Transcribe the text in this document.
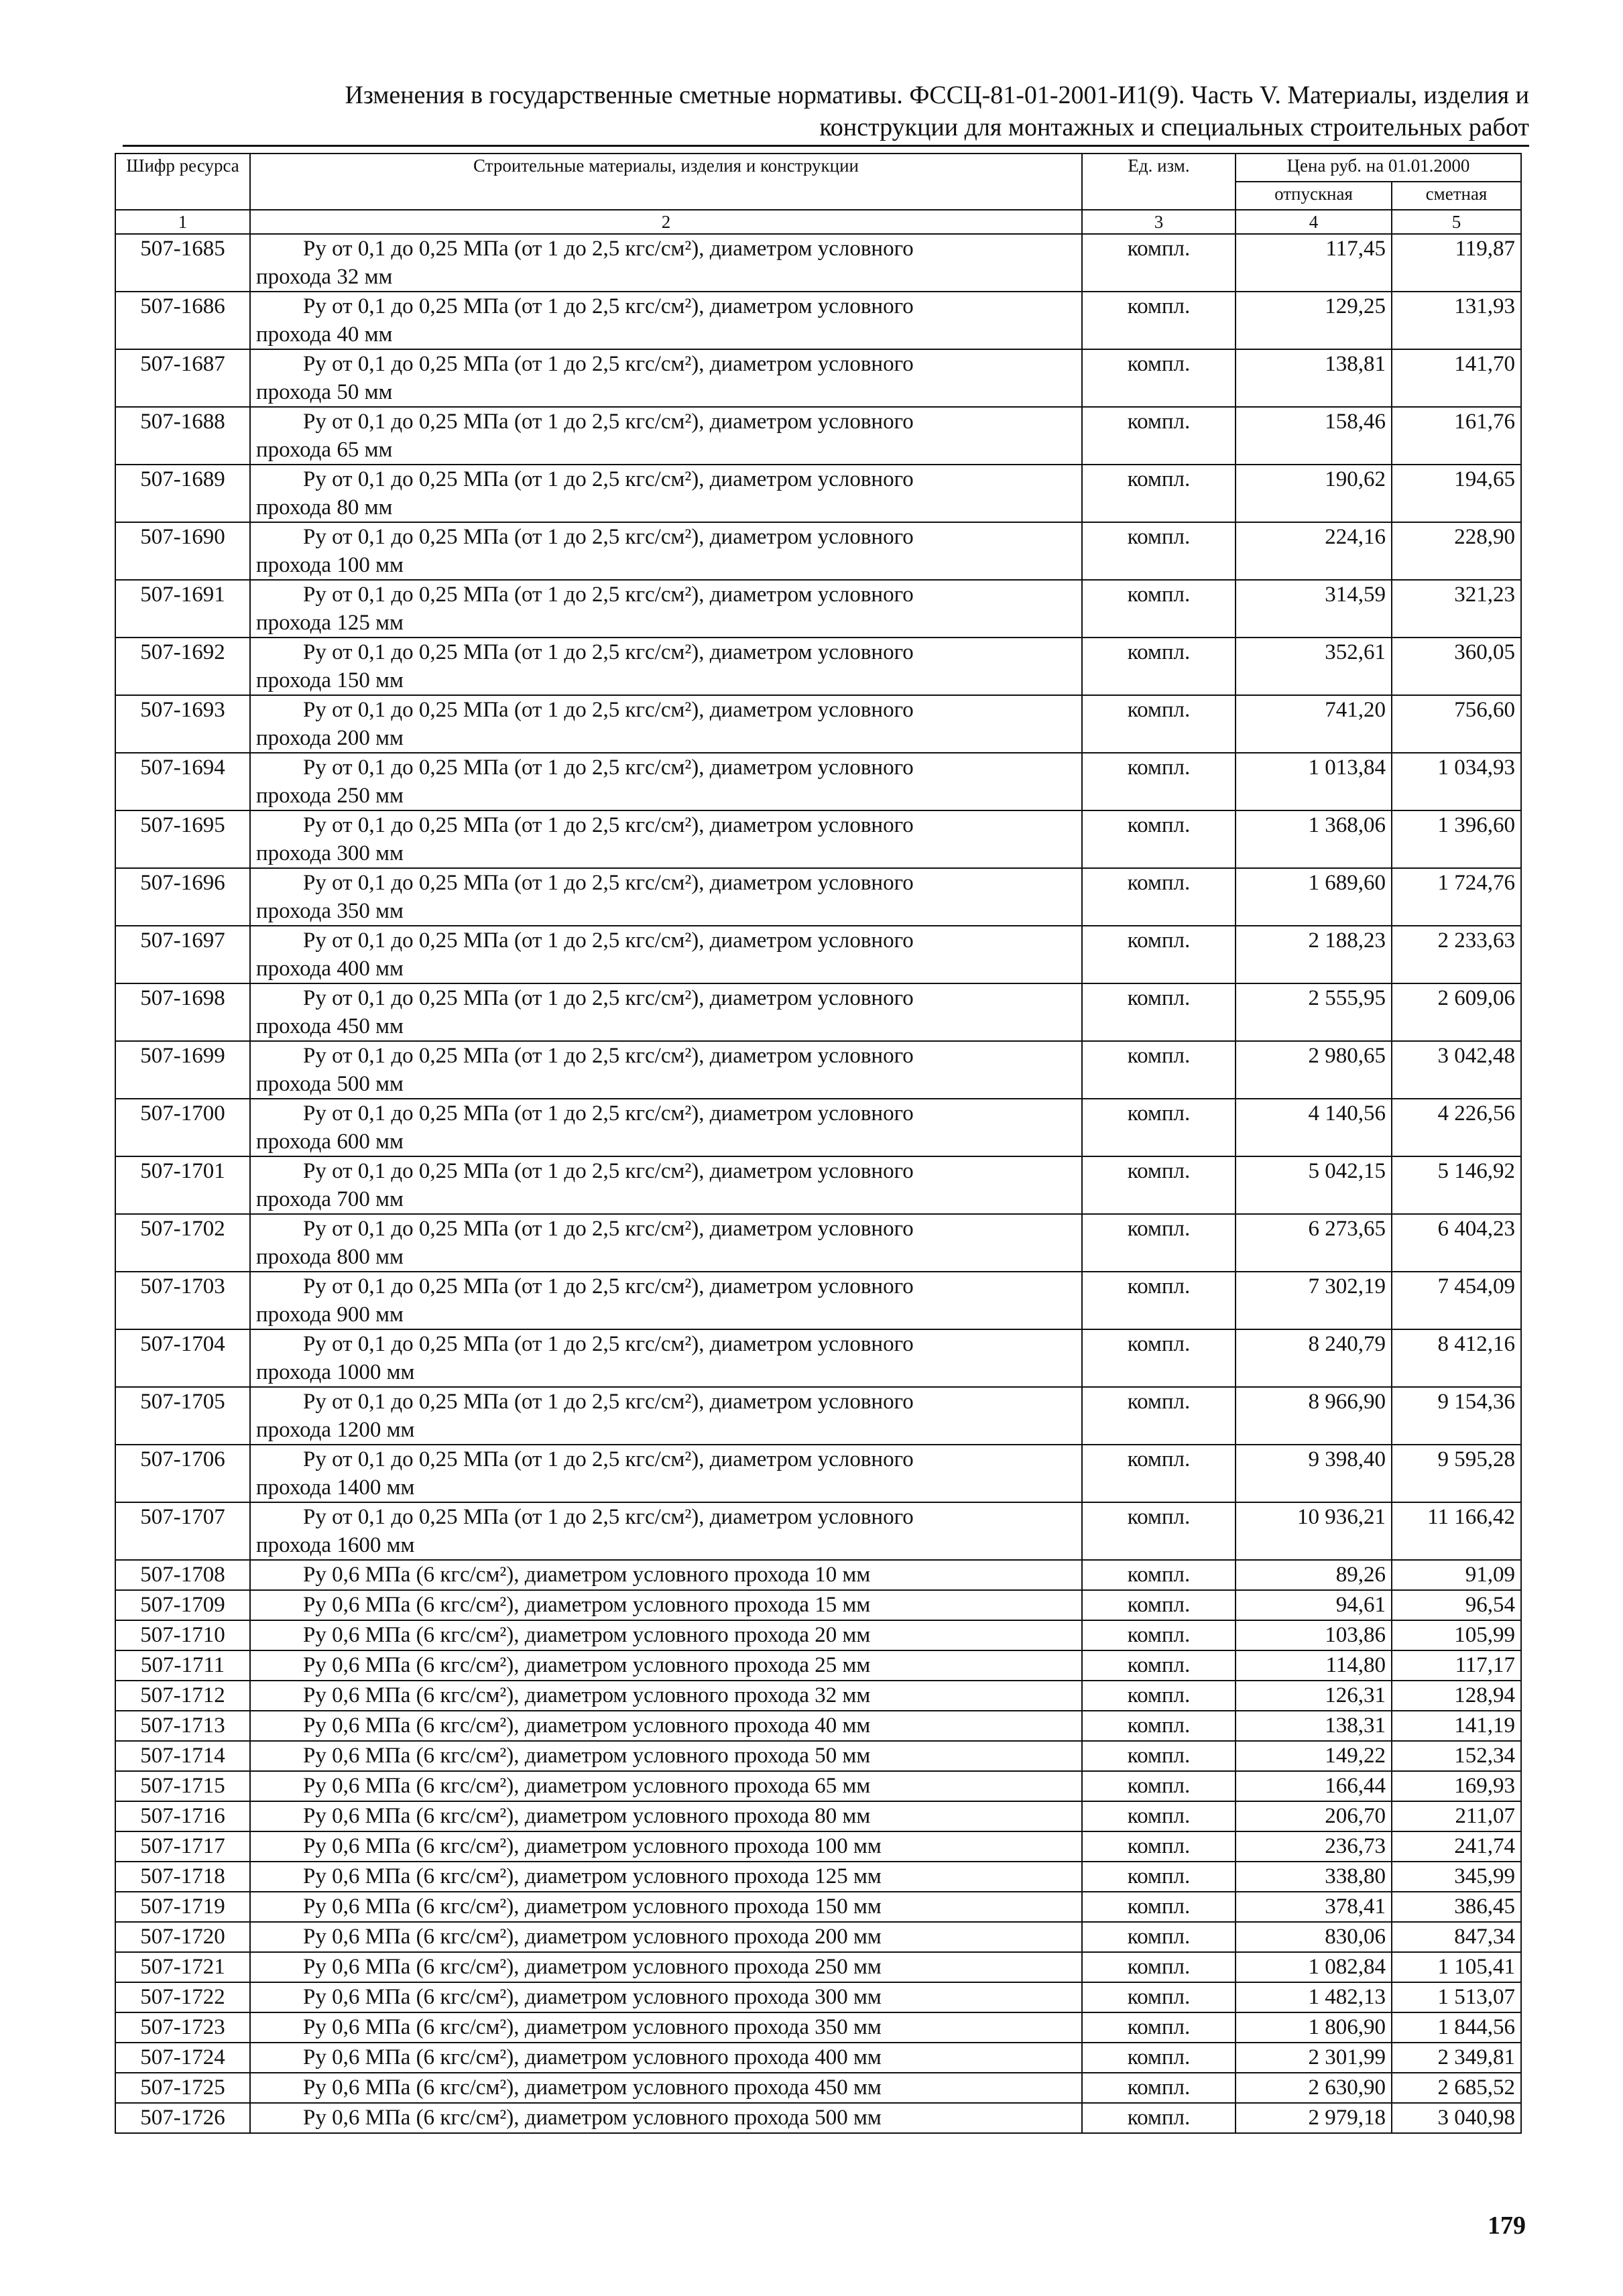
Изменения в государственные сметные нормативы. ФССЦ-81-01-2001-И1(9). Часть V. Материалы, изделия и
конструкции для монтажных и специальных строительных работ
Шифр ресурса	Строительные материалы, изделия и конструкции	Ед. изм.	Цена руб. на 01.01.2000	
			отпускная	сметная
1	2	3	4	5
507-1685	Ру от 0,1 до 0,25 МПа (от 1 до 2,5 кгс/см²), диаметром условного
прохода 32 мм	компл.	117,45	119,87
507-1686	Ру от 0,1 до 0,25 МПа (от 1 до 2,5 кгс/см²), диаметром условного
прохода 40 мм	компл.	129,25	131,93
507-1687	Ру от 0,1 до 0,25 МПа (от 1 до 2,5 кгс/см²), диаметром условного
прохода 50 мм	компл.	138,81	141,70
507-1688	Ру от 0,1 до 0,25 МПа (от 1 до 2,5 кгс/см²), диаметром условного
прохода 65 мм	компл.	158,46	161,76
507-1689	Ру от 0,1 до 0,25 МПа (от 1 до 2,5 кгс/см²), диаметром условного
прохода 80 мм	компл.	190,62	194,65
507-1690	Ру от 0,1 до 0,25 МПа (от 1 до 2,5 кгс/см²), диаметром условного
прохода 100 мм	компл.	224,16	228,90
507-1691	Ру от 0,1 до 0,25 МПа (от 1 до 2,5 кгс/см²), диаметром условного
прохода 125 мм	компл.	314,59	321,23
507-1692	Ру от 0,1 до 0,25 МПа (от 1 до 2,5 кгс/см²), диаметром условного
прохода 150 мм	компл.	352,61	360,05
507-1693	Ру от 0,1 до 0,25 МПа (от 1 до 2,5 кгс/см²), диаметром условного
прохода 200 мм	компл.	741,20	756,60
507-1694	Ру от 0,1 до 0,25 МПа (от 1 до 2,5 кгс/см²), диаметром условного
прохода 250 мм	компл.	1 013,84	1 034,93
507-1695	Ру от 0,1 до 0,25 МПа (от 1 до 2,5 кгс/см²), диаметром условного
прохода 300 мм	компл.	1 368,06	1 396,60
507-1696	Ру от 0,1 до 0,25 МПа (от 1 до 2,5 кгс/см²), диаметром условного
прохода 350 мм	компл.	1 689,60	1 724,76
507-1697	Ру от 0,1 до 0,25 МПа (от 1 до 2,5 кгс/см²), диаметром условного
прохода 400 мм	компл.	2 188,23	2 233,63
507-1698	Ру от 0,1 до 0,25 МПа (от 1 до 2,5 кгс/см²), диаметром условного
прохода 450 мм	компл.	2 555,95	2 609,06
507-1699	Ру от 0,1 до 0,25 МПа (от 1 до 2,5 кгс/см²), диаметром условного
прохода 500 мм	компл.	2 980,65	3 042,48
507-1700	Ру от 0,1 до 0,25 МПа (от 1 до 2,5 кгс/см²), диаметром условного
прохода 600 мм	компл.	4 140,56	4 226,56
507-1701	Ру от 0,1 до 0,25 МПа (от 1 до 2,5 кгс/см²), диаметром условного
прохода 700 мм	компл.	5 042,15	5 146,92
507-1702	Ру от 0,1 до 0,25 МПа (от 1 до 2,5 кгс/см²), диаметром условного
прохода 800 мм	компл.	6 273,65	6 404,23
507-1703	Ру от 0,1 до 0,25 МПа (от 1 до 2,5 кгс/см²), диаметром условного
прохода 900 мм	компл.	7 302,19	7 454,09
507-1704	Ру от 0,1 до 0,25 МПа (от 1 до 2,5 кгс/см²), диаметром условного
прохода 1000 мм	компл.	8 240,79	8 412,16
507-1705	Ру от 0,1 до 0,25 МПа (от 1 до 2,5 кгс/см²), диаметром условного
прохода 1200 мм	компл.	8 966,90	9 154,36
507-1706	Ру от 0,1 до 0,25 МПа (от 1 до 2,5 кгс/см²), диаметром условного
прохода 1400 мм	компл.	9 398,40	9 595,28
507-1707	Ру от 0,1 до 0,25 МПа (от 1 до 2,5 кгс/см²), диаметром условного
прохода 1600 мм	компл.	10 936,21	11 166,42
507-1708	Ру 0,6 МПа (6 кгс/см²), диаметром условного прохода 10 мм	компл.	89,26	91,09
507-1709	Ру 0,6 МПа (6 кгс/см²), диаметром условного прохода 15 мм	компл.	94,61	96,54
507-1710	Ру 0,6 МПа (6 кгс/см²), диаметром условного прохода 20 мм	компл.	103,86	105,99
507-1711	Ру 0,6 МПа (6 кгс/см²), диаметром условного прохода 25 мм	компл.	114,80	117,17
507-1712	Ру 0,6 МПа (6 кгс/см²), диаметром условного прохода 32 мм	компл.	126,31	128,94
507-1713	Ру 0,6 МПа (6 кгс/см²), диаметром условного прохода 40 мм	компл.	138,31	141,19
507-1714	Ру 0,6 МПа (6 кгс/см²), диаметром условного прохода 50 мм	компл.	149,22	152,34
507-1715	Ру 0,6 МПа (6 кгс/см²), диаметром условного прохода 65 мм	компл.	166,44	169,93
507-1716	Ру 0,6 МПа (6 кгс/см²), диаметром условного прохода 80 мм	компл.	206,70	211,07
507-1717	Ру 0,6 МПа (6 кгс/см²), диаметром условного прохода 100 мм	компл.	236,73	241,74
507-1718	Ру 0,6 МПа (6 кгс/см²), диаметром условного прохода 125 мм	компл.	338,80	345,99
507-1719	Ру 0,6 МПа (6 кгс/см²), диаметром условного прохода 150 мм	компл.	378,41	386,45
507-1720	Ру 0,6 МПа (6 кгс/см²), диаметром условного прохода 200 мм	компл.	830,06	847,34
507-1721	Ру 0,6 МПа (6 кгс/см²), диаметром условного прохода 250 мм	компл.	1 082,84	1 105,41
507-1722	Ру 0,6 МПа (6 кгс/см²), диаметром условного прохода 300 мм	компл.	1 482,13	1 513,07
507-1723	Ру 0,6 МПа (6 кгс/см²), диаметром условного прохода 350 мм	компл.	1 806,90	1 844,56
507-1724	Ру 0,6 МПа (6 кгс/см²), диаметром условного прохода 400 мм	компл.	2 301,99	2 349,81
507-1725	Ру 0,6 МПа (6 кгс/см²), диаметром условного прохода 450 мм	компл.	2 630,90	2 685,52
507-1726	Ру 0,6 МПа (6 кгс/см²), диаметром условного прохода 500 мм	компл.	2 979,18	3 040,98
179
